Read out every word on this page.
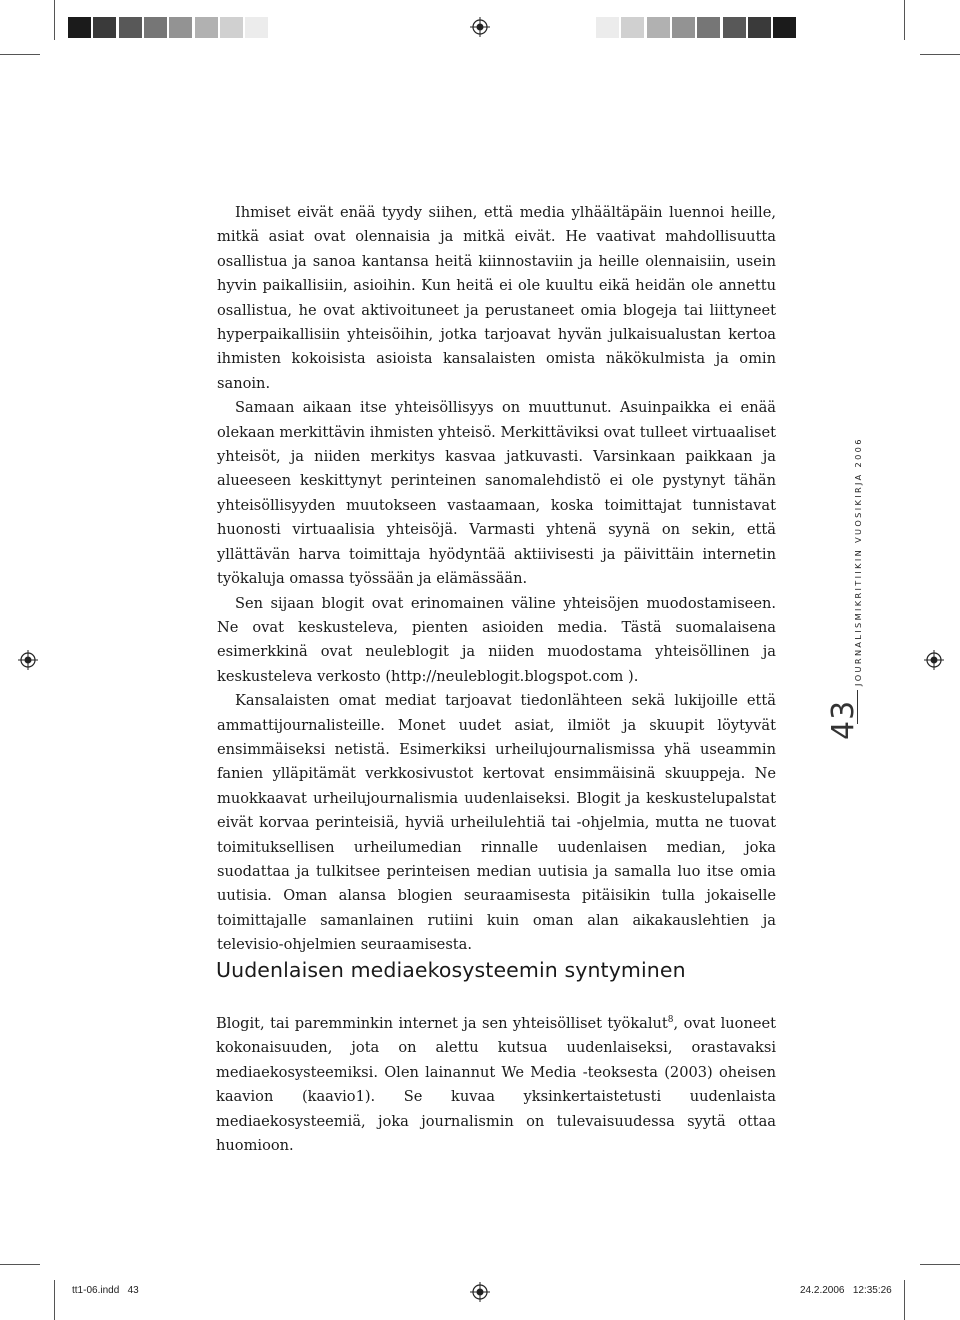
Ihmiset eivät enää tyydy siihen, että media ylhäältäpäin luennoi heille, mitkä asiat ovat olennaisia ja mitkä eivät. He vaativat mahdollisuutta osallistua ja sanoa kantansa heitä kiinnostaviin ja heille olennaisiin, usein hyvin paikallisiin, asioihin. Kun heitä ei ole kuultu eikä heidän ole annettu osallistua, he ovat aktivoituneet ja perustaneet omia blogeja tai liittyneet hyperpaikallisiin yhteisöihin, jotka tarjoavat hyvän julkaisualustan kertoa ihmisten kokoisista asioista kansalaisten omista näkökulmista ja omin sanoin.

Samaan aikaan itse yhteisöllisyys on muuttunut. Asuinpaikka ei enää olekaan merkittävin ihmisten yhteisö. Merkittäviksi ovat tulleet virtuaaliset yhteisöt, ja niiden merkitys kasvaa jatkuvasti. Varsinkaan paikkaan ja alueeseen keskittynyt perinteinen sanomalehdistö ei ole pystynyt tähän yhteisöllisyyden muutokseen vastaamaan, koska toimittajat tunnistavat huonosti virtuaalisia yhteisöjä. Varmasti yhtenä syynä on sekin, että yllättävän harva toimittaja hyödyntää aktiivisesti ja päivittäin internetin työkaluja omassa työssään ja elämässään.

Sen sijaan blogit ovat erinomainen väline yhteisöjen muodostamiseen. Ne ovat keskusteleva, pienten asioiden media. Tästä suomalaisena esimerkkinä ovat neuleblogit ja niiden muodostama yhteisöllinen ja keskusteleva verkosto (http://neuleblogit.blogspot.com ).

Kansalaisten omat mediat tarjoavat tiedonlähteen sekä lukijoille että ammattijournalisteille. Monet uudet asiat, ilmiöt ja skuupit löytyvät ensimmäiseksi netistä. Esimerkiksi urheilujournalismissa yhä useammin fanien ylläpitämät verkkosivustot kertovat ensimmäisinä skuuppeja. Ne muokkaavat urheilujournalismia uudenlaiseksi. Blogit ja keskustelupalstat eivät korvaa perinteisiä, hyviä urheilulehtiä tai -ohjelmia, mutta ne tuovat toimituksellisen urheilumedian rinnalle uudenlaisen median, joka suodattaa ja tulkitsee perinteisen median uutisia ja samalla luo itse omia uutisia. Oman alansa blogien seuraamisesta pitäisikin tulla jokaiselle toimittajalle samanlainen rutiini kuin oman alan aikakauslehtien ja televisio-ohjelmien seuraamisesta.

Uudenlaisen mediaekosysteemin syntyminen

Blogit, tai paremminkin internet ja sen yhteisölliset työkalut$^8$, ovat luoneet kokonaisuuden, jota on alettu kutsua uudenlaiseksi, orastavaksi mediaekosysteemiksi. Olen lainannut We Media -teoksesta (2003) oheisen kaavion (kaavio1). Se kuvaa yksinkertaistetusti uudenlaista mediaekosysteemiä, joka journalismin on tulevaisuudessa syytä ottaa huomioon.

JOURNALISMIKRITIIKIN VUOSIKIRJA 2006
43
tt1-06.indd   43	24.2.2006   12:35:26
